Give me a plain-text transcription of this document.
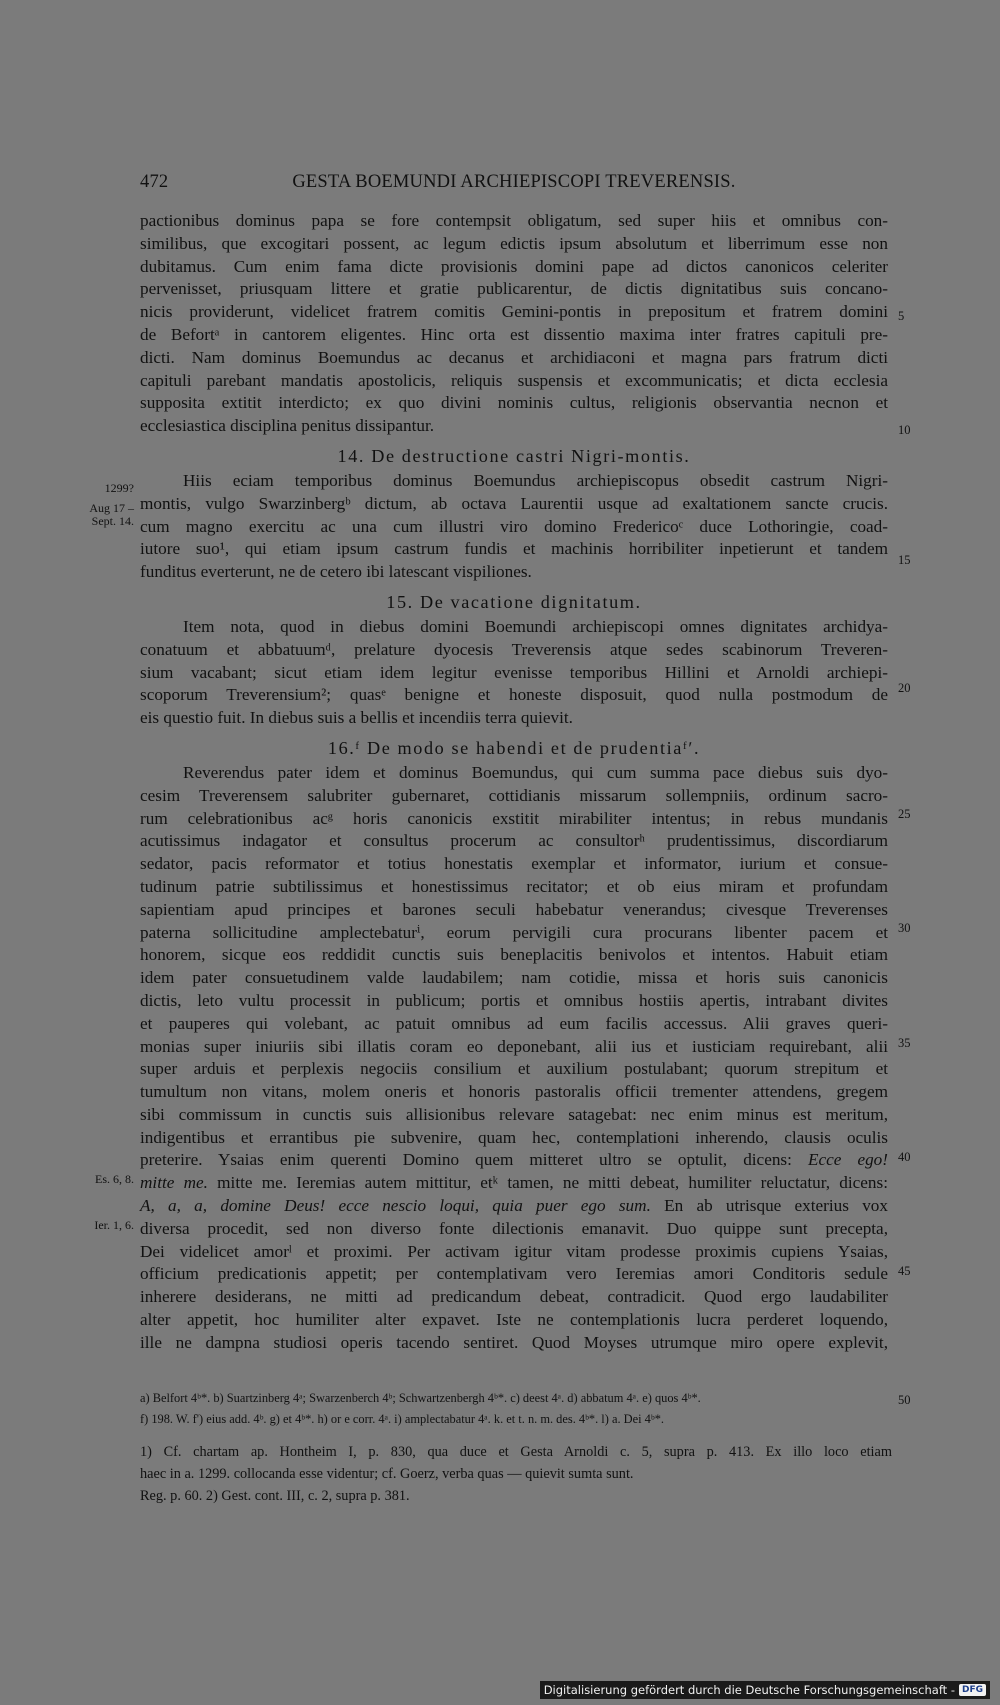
472	GESTA BOEMUNDI ARCHIEPISCOPI TREVERENSIS.
pactionibus dominus papa se fore contempsit obligatum, sed super hiis et omnibus con-
similibus, que excogitari possent, ac legum edictis ipsum absolutum et liberrimum esse non
dubitamus. Cum enim fama dicte provisionis domini pape ad dictos canonicos celeriter
pervenisset, priusquam littere et gratie publicarentur, de dictis dignitatibus suis concano-
nicis providerunt, videlicet fratrem comitis Gemini-pontis in prepositum et fratrem domini
de Befortᵃ in cantorem eligentes. Hinc orta est dissentio maxima inter fratres capituli pre-
dicti. Nam dominus Boemundus ac decanus et archidiaconi et magna pars fratrum dicti
capituli parebant mandatis apostolicis, reliquis suspensis et excommunicatis; et dicta ecclesia
supposita extitit interdicto; ex quo divini nominis cultus, religionis observantia necnon et
ecclesiastica disciplina penitus dissipantur.
14. De destructione castri Nigri-montis.
Hiis eciam temporibus dominus Boemundus archiepiscopus obsedit castrum Nigri-
montis, vulgo Swarzinbergᵇ dictum, ab octava Laurentii usque ad exaltationem sancte crucis.
cum magno exercitu ac una cum illustri viro domino Fredericoᶜ duce Lothoringie, coad-
iutore suo¹, qui etiam ipsum castrum fundis et machinis horribiliter inpetierunt et tandem
funditus everterunt, ne de cetero ibi latescant vispiliones.
15. De vacatione dignitatum.
Item nota, quod in diebus domini Boemundi archiepiscopi omnes dignitates archidya-
conatuum et abbatuumᵈ, prelature dyocesis Treverensis atque sedes scabinorum Treveren-
sium vacabant; sicut etiam idem legitur evenisse temporibus Hillini et Arnoldi archiepi-
scoporum Treverensium²; quasᵉ benigne et honeste disposuit, quod nulla postmodum de
eis questio fuit. In diebus suis a bellis et incendiis terra quievit.
16.ᶠ De modo se habendi et de prudentiaᶠʹ.
Reverendus pater idem et dominus Boemundus, qui cum summa pace diebus suis dyo-
cesim Treverensem salubriter gubernaret, cottidianis missarum sollempniis, ordinum sacro-
rum celebrationibus acᵍ horis canonicis exstitit mirabiliter intentus; in rebus mundanis
acutissimus indagator et consultus procerum ac consultorʰ prudentissimus, discordiarum
sedator, pacis reformator et totius honestatis exemplar et informator, iurium et consue-
tudinum patrie subtilissimus et honestissimus recitator; et ob eius miram et profundam
sapientiam apud principes et barones seculi habebatur venerandus; civesque Treverenses
paterna sollicitudine amplectebaturⁱ, eorum pervigili cura procurans libenter pacem et
honorem, sicque eos reddidit cunctis suis beneplacitis benivolos et intentos. Habuit etiam
idem pater consuetudinem valde laudabilem; nam cotidie, missa et horis suis canonicis
dictis, leto vultu processit in publicum; portis et omnibus hostiis apertis, intrabant divites
et pauperes qui volebant, ac patuit omnibus ad eum facilis accessus. Alii graves queri-
monias super iniuriis sibi illatis coram eo deponebant, alii ius et iusticiam requirebant, alii
super arduis et perplexis negociis consilium et auxilium postulabant; quorum strepitum et
tumultum non vitans, molem oneris et honoris pastoralis officii trementer attendens, gregem
sibi commissum in cunctis suis allisionibus relevare satagebat: nec enim minus est meritum,
indigentibus et errantibus pie subvenire, quam hec, contemplationi inherendo, clausis oculis
preterire. Ysaias enim querenti Domino quem mitteret ultro se optulit, dicens: Ecce ego!
mitte me. mitte me. Ieremias autem mittitur, etᵏ tamen, ne mitti debeat, humiliter reluctatur, dicens:
A, a, a, domine Deus! ecce nescio loqui, quia puer ego sum. En ab utrisque exterius vox
diversa procedit, sed non diverso fonte dilectionis emanavit. Duo quippe sunt precepta,
Dei videlicet amorˡ et proximi. Per activam igitur vitam prodesse proximis cupiens Ysaias,
officium predicationis appetit; per contemplativam vero Ieremias amori Conditoris sedule
inherere desiderans, ne mitti ad predicandum debeat, contradicit. Quod ergo laudabiliter
alter appetit, hoc humiliter alter expavet. Iste ne contemplationis lucra perderet loquendo,
ille ne dampna studiosi operis tacendo sentiret. Quod Moyses utrumque miro opere explevit,
5
10
15
20
25
30
35
40
45
50
1299?
Aug 17 –
Sept. 14.
Es. 6, 8.
Ier. 1, 6.
a) Belfort 4ᵇ*. b) Suartzinberg 4ᵃ; Swarzenberch 4ᵇ; Schwartzenbergh 4ᵇ*. c) deest 4ᵃ. d) abbatum 4ᵃ. e) quos 4ᵇ*.
f) 198. W. f') eius add. 4ᵇ. g) et 4ᵇ*. h) or e corr. 4ᵃ. i) amplectabatur 4ᵃ. k. et t. n. m. des. 4ᵇ*. l) a. Dei 4ᵇ*.
1) Cf. chartam ap. Hontheim I, p. 830, qua duce et Gesta Arnoldi c. 5, supra p. 413. Ex illo loco etiam
haec in a. 1299. collocanda esse videntur; cf. Goerz, verba quas — quievit sumta sunt.
Reg. p. 60. 2) Gest. cont. III, c. 2, supra p. 381.
Digitalisierung gefördert durch die Deutsche Forschungsgemeinschaft - DFG
